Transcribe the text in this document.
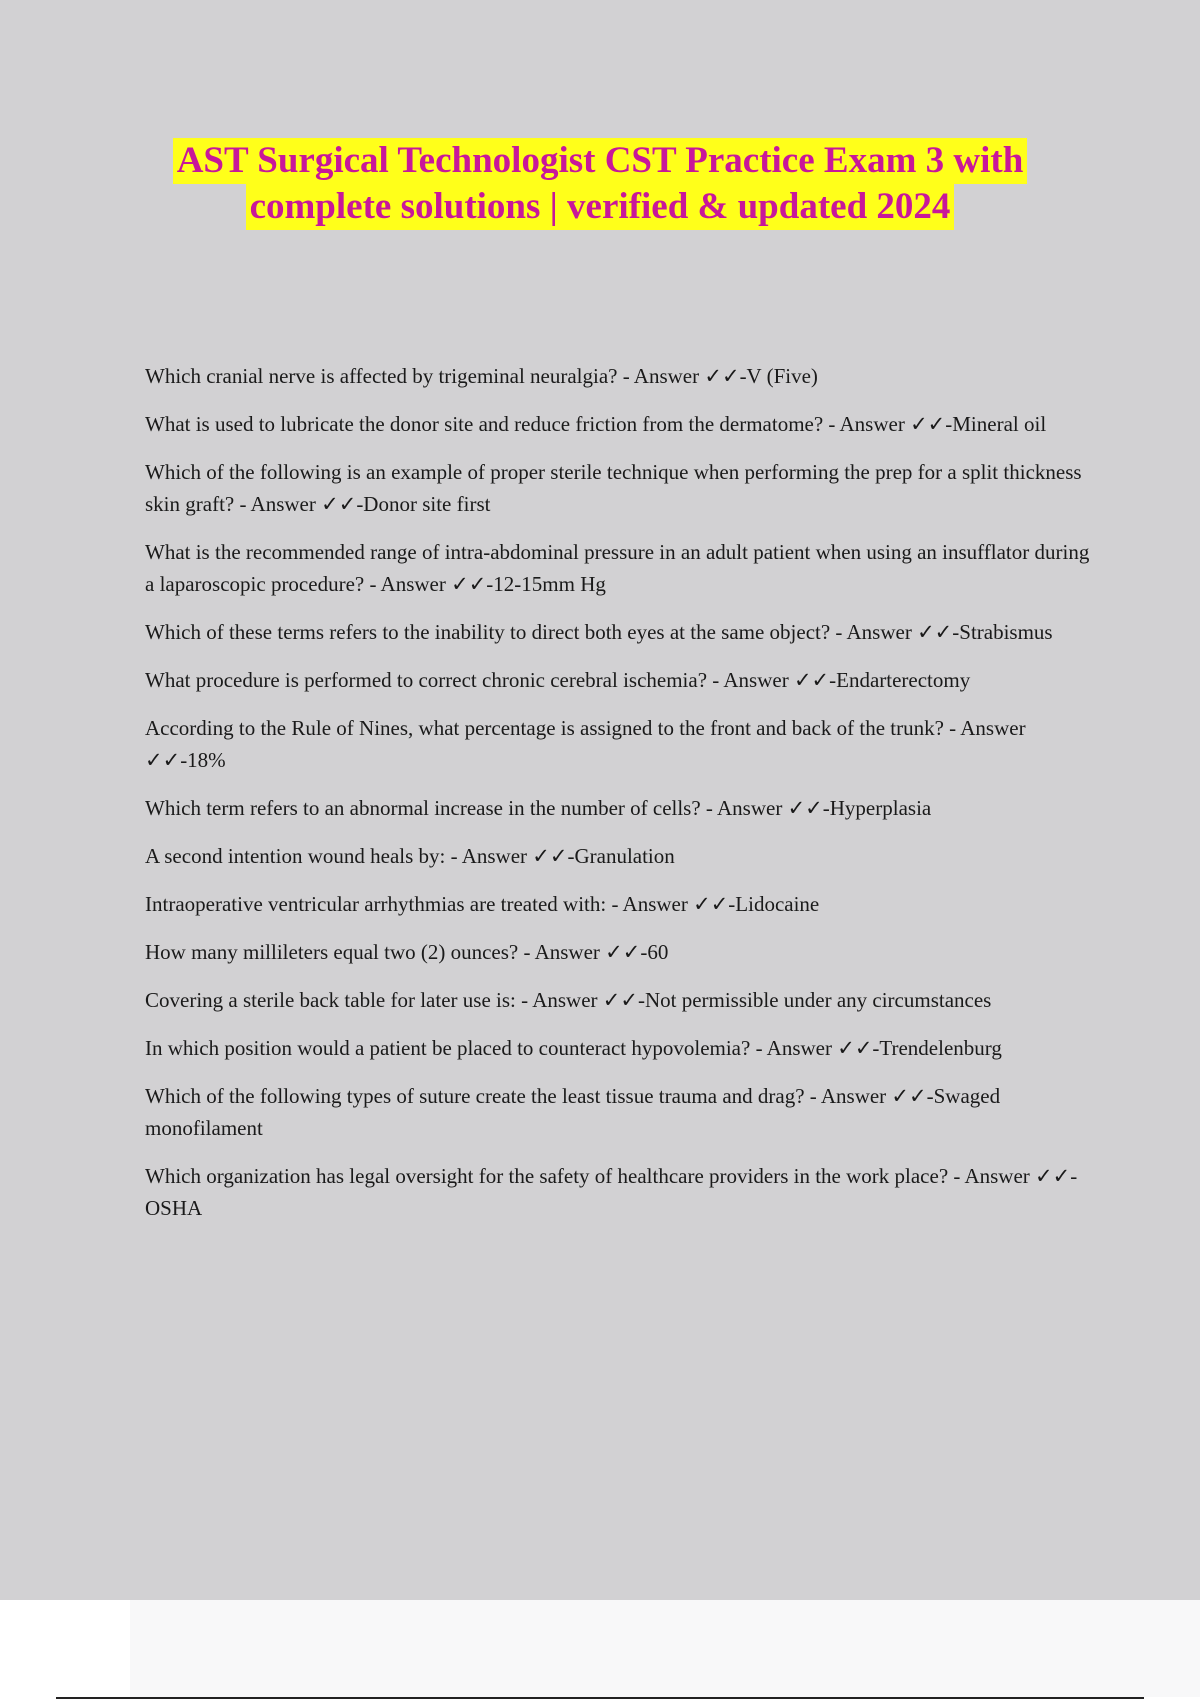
AST Surgical Technologist CST Practice Exam 3 with
complete solutions | verified & updated 2024

Which cranial nerve is affected by trigeminal neuralgia? - Answer ✓✓-V (Five)

What is used to lubricate the donor site and reduce friction from the dermatome? - Answer ✓✓-Mineral oil

Which of the following is an example of proper sterile technique when performing the prep for a split thickness skin graft? - Answer ✓✓-Donor site first

What is the recommended range of intra-abdominal pressure in an adult patient when using an insufflator during a laparoscopic procedure? - Answer ✓✓-12-15mm Hg

Which of these terms refers to the inability to direct both eyes at the same object? - Answer ✓✓-Strabismus

What procedure is performed to correct chronic cerebral ischemia? - Answer ✓✓-Endarterectomy

According to the Rule of Nines, what percentage is assigned to the front and back of the trunk? - Answer ✓✓-18%

Which term refers to an abnormal increase in the number of cells? - Answer ✓✓-Hyperplasia

A second intention wound heals by: - Answer ✓✓-Granulation

Intraoperative ventricular arrhythmias are treated with: - Answer ✓✓-Lidocaine

How many millileters equal two (2) ounces? - Answer ✓✓-60

Covering a sterile back table for later use is: - Answer ✓✓-Not permissible under any circumstances

In which position would a patient be placed to counteract hypovolemia? - Answer ✓✓-Trendelenburg

Which of the following types of suture create the least tissue trauma and drag? - Answer ✓✓-Swaged monofilament

Which organization has legal oversight for the safety of healthcare providers in the work place? - Answer ✓✓-OSHA
